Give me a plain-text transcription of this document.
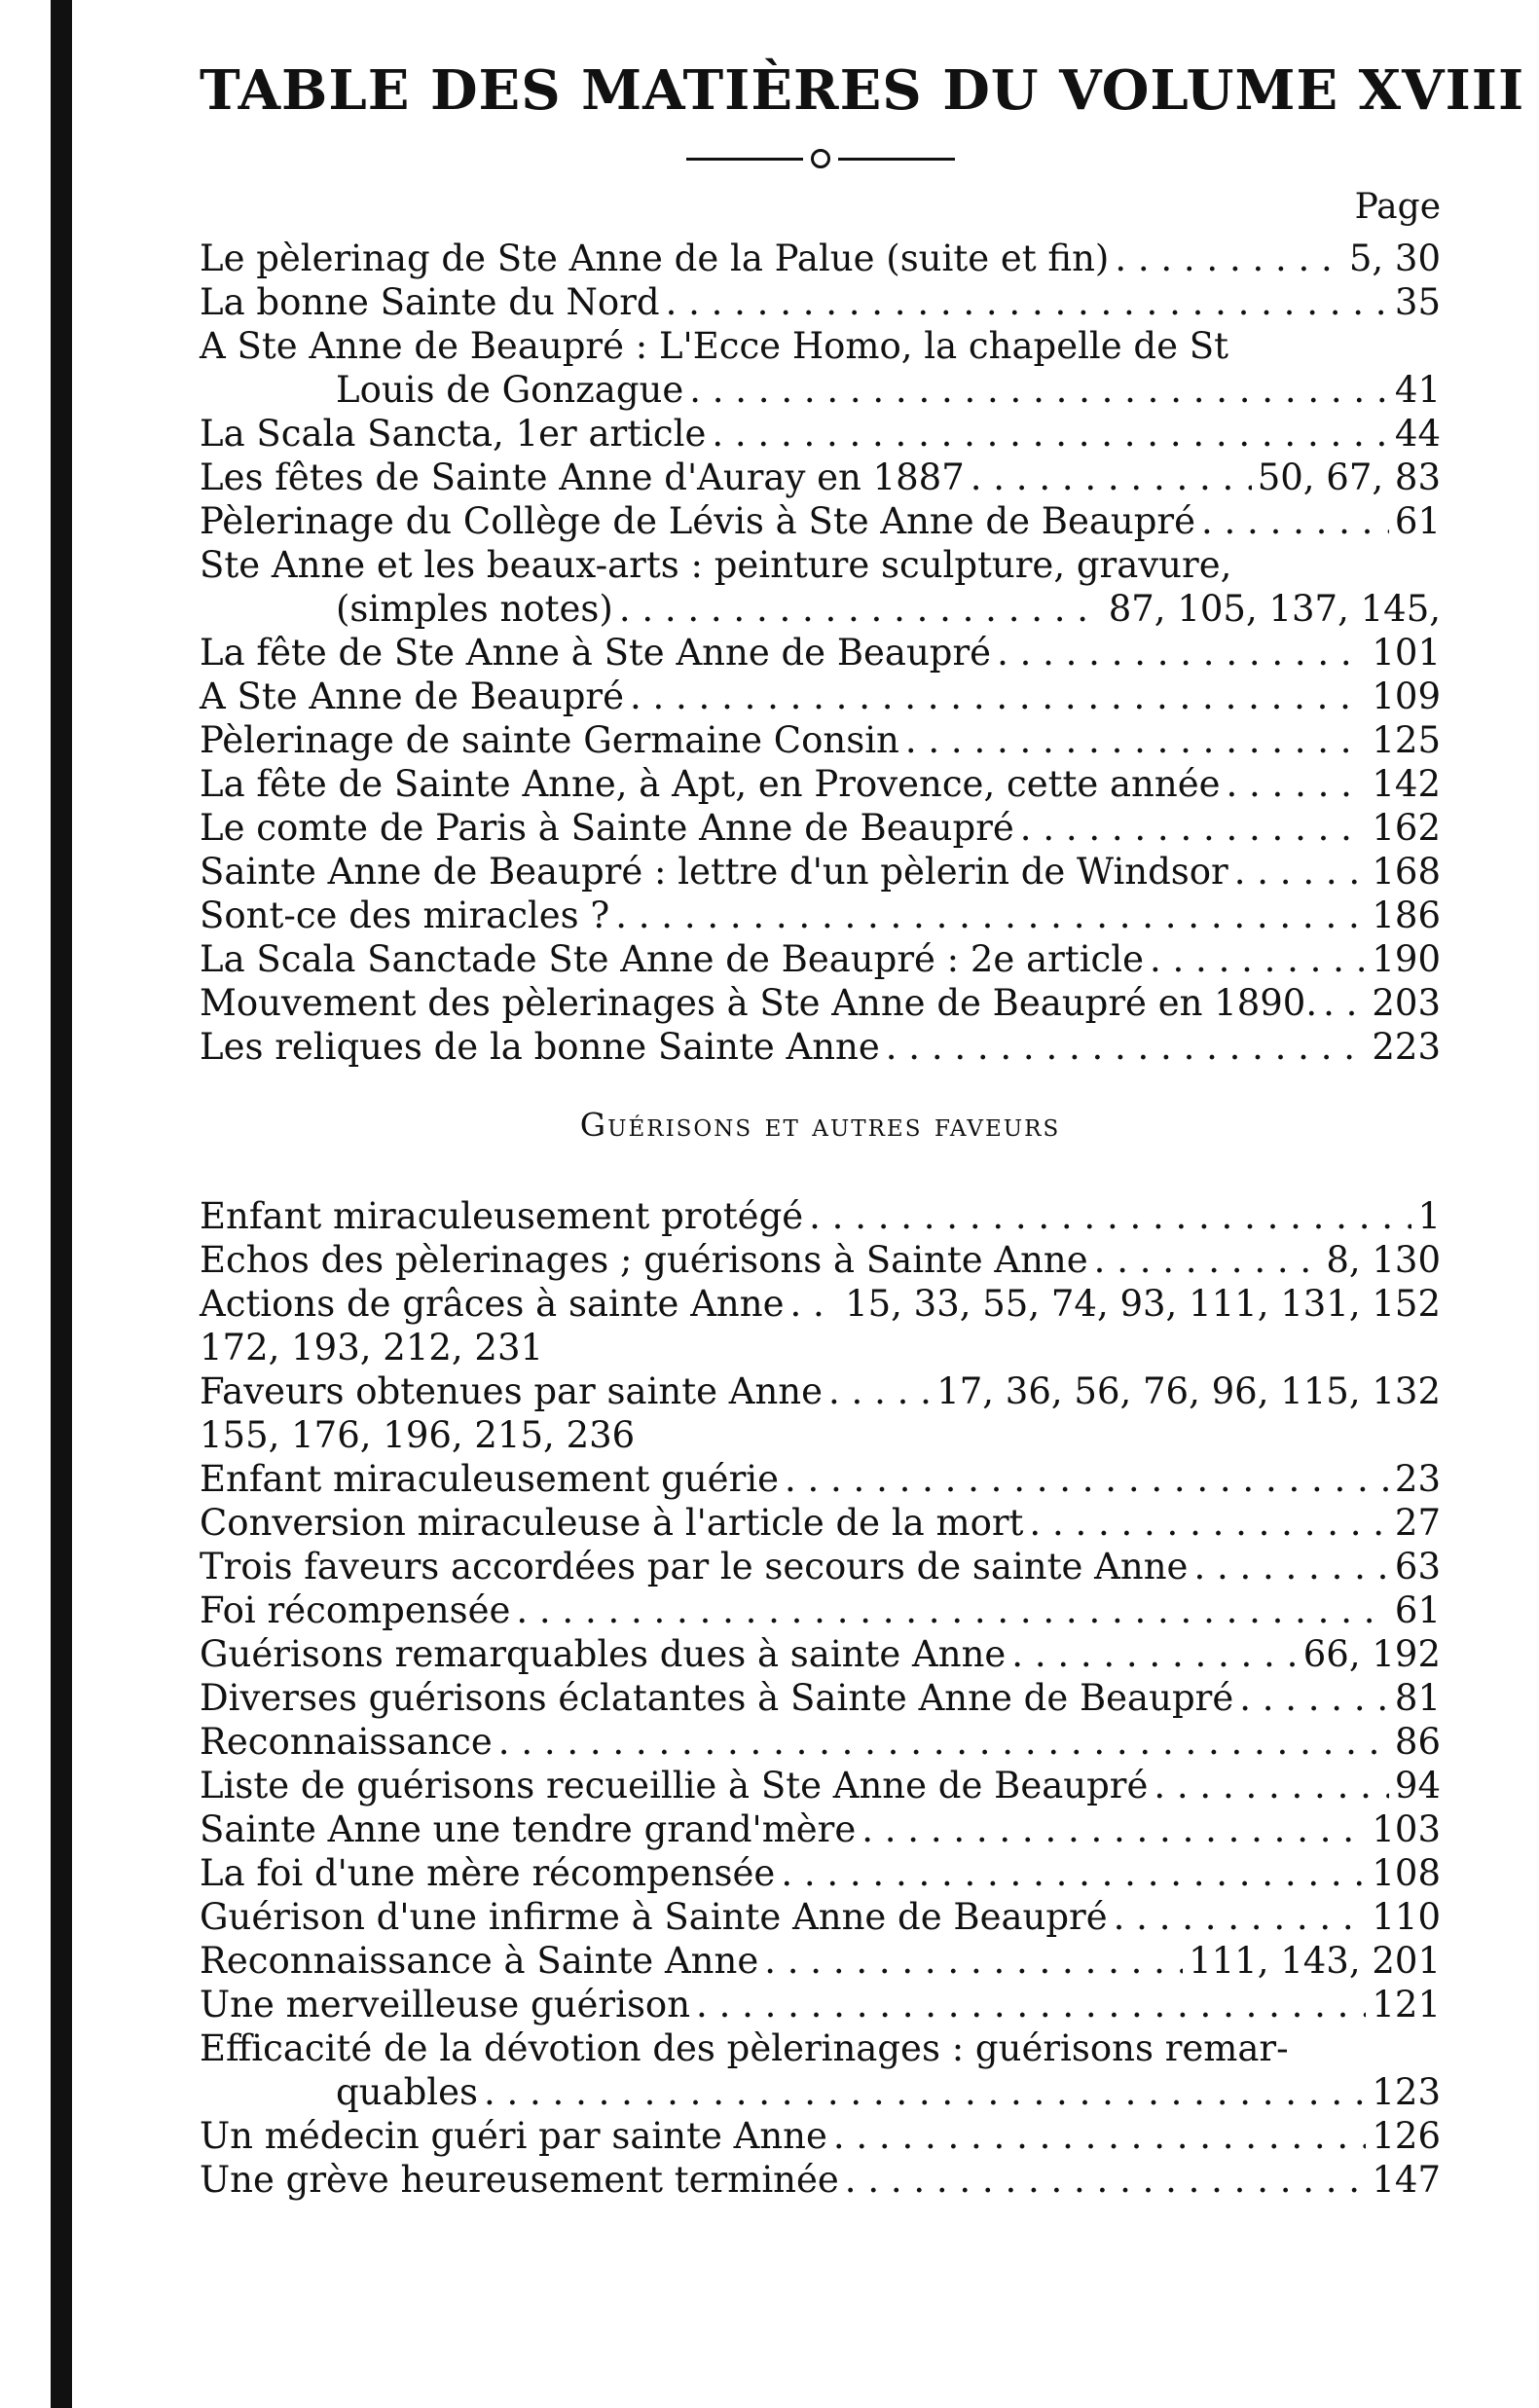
TABLE DES MATIÈRES DU VOLUME XVIII
Page
Le pèlerinag de Ste Anne de la Palue (suite et fin) . . .	5, 30
La bonne Sainte du Nord . . .	35
A Ste Anne de Beaupré : L'Ecce Homo, la chapelle de St
Louis de Gonzague . . .	41
La Scala Sancta, 1er article . . .	44
Les fêtes de Sainte Anne d'Auray en 1887 . . .	50, 67, 83
Pèlerinage du Collège de Lévis à Ste Anne de Beaupré . . .	61
Ste Anne et les beaux-arts : peinture sculpture, gravure,
(simples notes) . . .	87, 105, 137, 145,
La fête de Ste Anne à Ste Anne de Beaupré . . .	101
A Ste Anne de Beaupré . . .	109
Pèlerinage de sainte Germaine Consin . . .	125
La fête de Sainte Anne, à Apt, en Provence, cette année . . .	142
Le comte de Paris à Sainte Anne de Beaupré . . .	162
Sainte Anne de Beaupré : lettre d'un pèlerin de Windsor . . .	168
Sont-ce des miracles ? . . .	186
La Scala Sanctade Ste Anne de Beaupré : 2e article . . .	190
Mouvement des pèlerinages à Ste Anne de Beaupré en 1890. . . . 203
Les reliques de la bonne Sainte Anne . . .	223
Guérisons et autres faveurs
Enfant miraculeusement protégé . . .	1
Echos des pèlerinages ; guérisons à Sainte Anne . . .	8, 130
Actions de grâces à sainte Anne . . . 15, 33, 55, 74, 93, 111, 131, 152
172, 193, 212, 231
Faveurs obtenues par sainte Anne . . .	17, 36, 56, 76, 96, 115, 132
155, 176, 196, 215, 236
Enfant miraculeusement guérie . . .	23
Conversion miraculeuse à l'article de la mort . . .	27
Trois faveurs accordées par le secours de sainte Anne . . .	63
Foi récompensée . . .	61
Guérisons remarquables dues à sainte Anne . . .	66, 192
Diverses guérisons éclatantes à Sainte Anne de Beaupré . . .	81
Reconnaissance . . .	86
Liste de guérisons recueillie à Ste Anne de Beaupré . . .	94
Sainte Anne une tendre grand'mère . . .	103
La foi d'une mère récompensée . . .	108
Guérison d'une infirme à Sainte Anne de Beaupré . . .	110
Reconnaissance à Sainte Anne . . .	111, 143, 201
Une merveilleuse guérison . . .	121
Efficacité de la dévotion des pèlerinages : guérisons remar-
quables . . .	123
Un médecin guéri par sainte Anne . . .	126
Une grève heureusement terminée . . .	147
